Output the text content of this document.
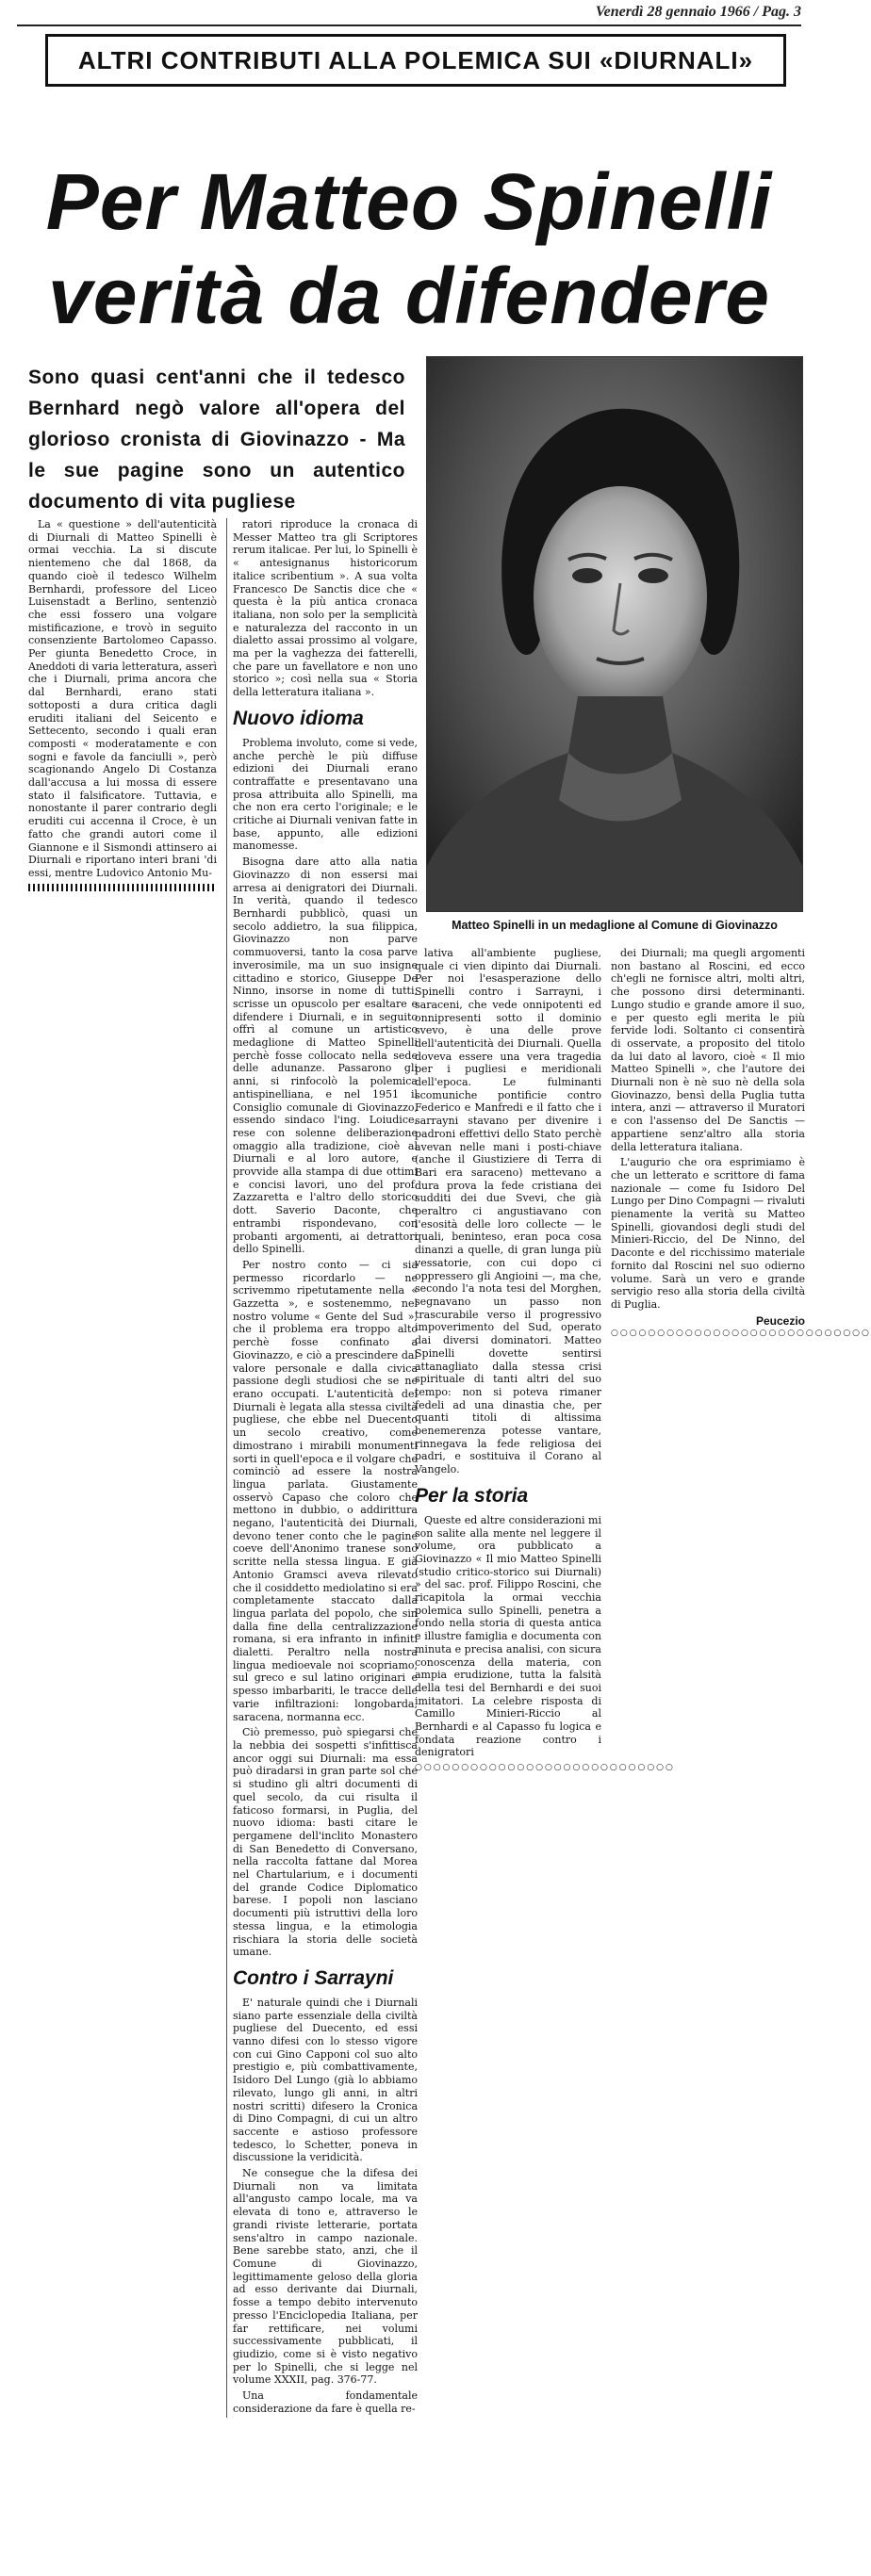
Venerdì 28 gennaio 1966 / Pag. 3
ALTRI CONTRIBUTI ALLA POLEMICA SUI «DIURNALI»
Per Matteo Spinelli
verità da difendere
Sono quasi cent'anni che il tedesco Bernhard negò valore all'opera del glorioso cronista di Giovinazzo - Ma le sue pagine sono un autentico documento di vita pugliese
Matteo Spinelli in un medaglione al Comune di Giovinazzo

La « questione » dell'autenticità di Diurnali di Matteo Spinelli è ormai vecchia. La si discute nientemeno che dal 1868, da quando cioè il tedesco Wilhelm Bernhardi, professore del Liceo Luisenstadt a Berlino, sentenziò che essi fossero una volgare mistificazione, e trovò in seguito consenziente Bartolomeo Capasso. Per giunta Benedetto Croce, in Aneddoti di varia letteratura, asserì che i Diurnali, prima ancora che dal Bernhardi, erano stati sottoposti a dura critica dagli eruditi italiani del Seicento e Settecento, secondo i quali eran composti « moderatamente e con sogni e favole da fanciulli », però scagionando Angelo Di Costanza dall'accusa a lui mossa di essere stato il falsificatore. Tuttavia, e nonostante il parer contrario degli eruditi cui accenna il Croce, è un fatto che grandi autori come il Giannone e il Sismondi attinsero ai Diurnali e riportano interi brani 'di essi, mentre Ludovico Antonio Mu-

ratori riproduce la cronaca di Messer Matteo tra gli Scriptores rerum italicae. Per lui, lo Spinelli è « antesignanus historicorum italice scribentium ». A sua volta Francesco De Sanctis dice che « questa è la più antica cronaca italiana, non solo per la semplicità e naturalezza del racconto in un dialetto assai prossimo al volgare, ma per la vaghezza dei fatterelli, che pare un favellatore e non uno storico »; così nella sua « Storia della letteratura italiana ».

Nuovo idioma

Problema involuto, come si vede, anche perchè le più diffuse edizioni dei Diurnali erano contraffatte e presentavano una prosa attribuita allo Spinelli, ma che non era certo l'originale; e le critiche ai Diurnali venivan fatte in base, appunto, alle edizioni manomesse.

Bisogna dare atto alla natia Giovinazzo di non essersi mai arresa ai denigratori dei Diurnali. In verità, quando il tedesco Bernhardi pubblicò, quasi un secolo addietro, la sua filippica, Giovinazzo non parve commuoversi, tanto la cosa parve inverosimile, ma un suo insigne cittadino e storico, Giuseppe De Ninno, insorse in nome di tutti, scrisse un opuscolo per esaltare e difendere i Diurnali, e in seguito offrì al comune un artistico medaglione di Matteo Spinelli perchè fosse collocato nella sede delle adunanze. Passarono gli anni, si rinfocolò la polemica antispinelliana, e nel 1951 il Consiglio comunale di Giovinazzo, essendo sindaco l'ing. Loiudice, rese con solenne deliberazione omaggio alla tradizione, cioè al Diurnali e al loro autore, e provvide alla stampa di due ottimi e concisi lavori, uno del prof. Zazzaretta e l'altro dello storico dott. Saverio Daconte, che entrambi rispondevano, con probanti argomenti, ai detrattori dello Spinelli.

Per nostro conto — ci sia permesso ricordarlo — ne scrivemmo ripetutamente nella « Gazzetta », e sostenemmo, nel nostro volume « Gente del Sud », che il problema era troppo alto perchè fosse confinato a Giovinazzo, e ciò a prescindere dal valore personale e dalla civica passione degli studiosi che se ne erano occupati. L'autenticità dei Diurnali è legata alla stessa civiltà pugliese, che ebbe nel Duecento un secolo creativo, come dimostrano i mirabili monumenti sorti in quell'epoca e il volgare che cominciò ad essere la nostra lingua parlata. Giustamente osservò Capaso che coloro che mettono in dubbio, o addirittura negano, l'autenticità dei Diurnali, devono tener conto che le pagine coeve dell'Anonimo tranese sono scritte nella stessa lingua. E già Antonio Gramsci aveva rilevato che il cosiddetto mediolatino si era completamente staccato dalla lingua parlata del popolo, che sin dalla fine della centralizzazione romana, si era infranto in infiniti dialetti. Peraltro nella nostra lingua medioevale noi scopriamo, sul greco e sul latino originari e spesso imbarbariti, le tracce delle varie infiltrazioni: longobarda, saracena, normanna ecc.

Ciò premesso, può spiegarsi che la nebbia dei sospetti s'infittisca ancor oggi sui Diurnali: ma essa può diradarsi in gran parte sol che si studino gli altri documenti di quel secolo, da cui risulta il faticoso formarsi, in Puglia, del nuovo idioma: basti citare le pergamene dell'inclito Monastero di San Benedetto di Conversano, nella raccolta fattane dal Morea nel Chartularium, e i documenti del grande Codice Diplomatico barese. I popoli non lasciano documenti più istruttivi della loro stessa lingua, e la etimologia rischiara la storia delle società umane.

Contro i Sarrayni

E' naturale quindi che i Diurnali siano parte essenziale della civiltà pugliese del Duecento, ed essi vanno difesi con lo stesso vigore con cui Gino Capponi col suo alto prestigio e, più combattivamente, Isidoro Del Lungo (già lo abbiamo rilevato, lungo gli anni, in altri nostri scritti) difesero la Cronica di Dino Compagni, di cui un altro saccente e astioso professore tedesco, lo Schetter, poneva in discussione la veridicità.

Ne consegue che la difesa dei Diurnali non va limitata all'angusto campo locale, ma va elevata di tono e, attraverso le grandi riviste letterarie, portata sens'altro in campo nazionale. Bene sarebbe stato, anzi, che il Comune di Giovinazzo, legittimamente geloso della gloria ad esso derivante dai Diurnali, fosse a tempo debito intervenuto presso l'Enciclopedia Italiana, per far rettificare, nei volumi successivamente pubblicati, il giudizio, come si è visto negativo per lo Spinelli, che si legge nel volume XXXII, pag. 376-77.

Una fondamentale considerazione da fare è quella re-

lativa all'ambiente pugliese, quale ci vien dipinto dai Diurnali. Per noi l'esasperazione dello Spinelli contro i Sarrayni, i saraceni, che vede onnipotenti ed onnipresenti sotto il dominio svevo, è una delle prove dell'autenticità dei Diurnali. Quella doveva essere una vera tragedia per i pugliesi e meridionali dell'epoca. Le fulminanti scomuniche pontificie contro Federico e Manfredi e il fatto che i sarrayni stavano per divenire i padroni effettivi dello Stato perchè avevan nelle mani i posti-chiave (anche il Giustiziere di Terra di Bari era saraceno) mettevano a dura prova la fede cristiana dei sudditi dei due Svevi, che già peraltro ci angustiavano con l'esosità delle loro collecte — le quali, beninteso, eran poca cosa dinanzi a quelle, di gran lunga più vessatorie, con cui dopo ci oppressero gli Angioini —, ma che, secondo l'a nota tesi del Morghen, segnavano un passo non trascurabile verso il progressivo impoverimento del Sud, operato dai diversi dominatori. Matteo Spinelli dovette sentirsi attanagliato dalla stessa crisi spirituale di tanti altri del suo tempo: non si poteva rimaner fedeli ad una dinastia che, per quanti titoli di altissima benemerenza potesse vantare, rinnegava la fede religiosa dei padri, e sostituiva il Corano al Vangelo.

Per la storia

Queste ed altre considerazioni mi son salite alla mente nel leggere il volume, ora pubblicato a Giovinazzo « Il mio Matteo Spinelli (studio critico-storico sui Diurnali) » del sac. prof. Filippo Roscini, che ricapitola la ormai vecchia polemica sullo Spinelli, penetra a fondo nella storia di questa antica e illustre famiglia e documenta con minuta e precisa analisi, con sicura conoscenza della materia, con ampia erudizione, tutta la falsità della tesi del Bernhardi e dei suoi imitatori. La celebre risposta di Camillo Minieri-Riccio al Bernhardi e al Capasso fu logica e fondata reazione contro i denigratori

○○○○○○○○○○○○○○○○○○○○○○○○○○○○

dei Diurnali; ma quegli argomenti non bastano al Roscini, ed ecco ch'egli ne fornisce altri, molti altri, che possono dirsi determinanti. Lungo studio e grande amore il suo, e per questo egli merita le più fervide lodi. Soltanto ci consentirà di osservate, a proposito del titolo da lui dato al lavoro, cioè « Il mio Matteo Spinelli », che l'autore dei Diurnali non è nè suo nè della sola Giovinazzo, bensì della Puglia tutta intera, anzi — attraverso il Muratori e con l'assenso del De Sanctis — appartiene senz'altro alla storia della letteratura italiana.

L'augurio che ora esprimiamo è che un letterato e scrittore di fama nazionale — come fu Isidoro Del Lungo per Dino Compagni — rivaluti pienamente la verità su Matteo Spinelli, giovandosi degli studi del Minieri-Riccio, del De Ninno, del Daconte e del ricchissimo materiale fornito dal Roscini nel suo odierno volume. Sarà un vero e grande servigio reso alla storia della civiltà di Puglia.

Peucezio
○○○○○○○○○○○○○○○○○○○○○○○○○○○○
